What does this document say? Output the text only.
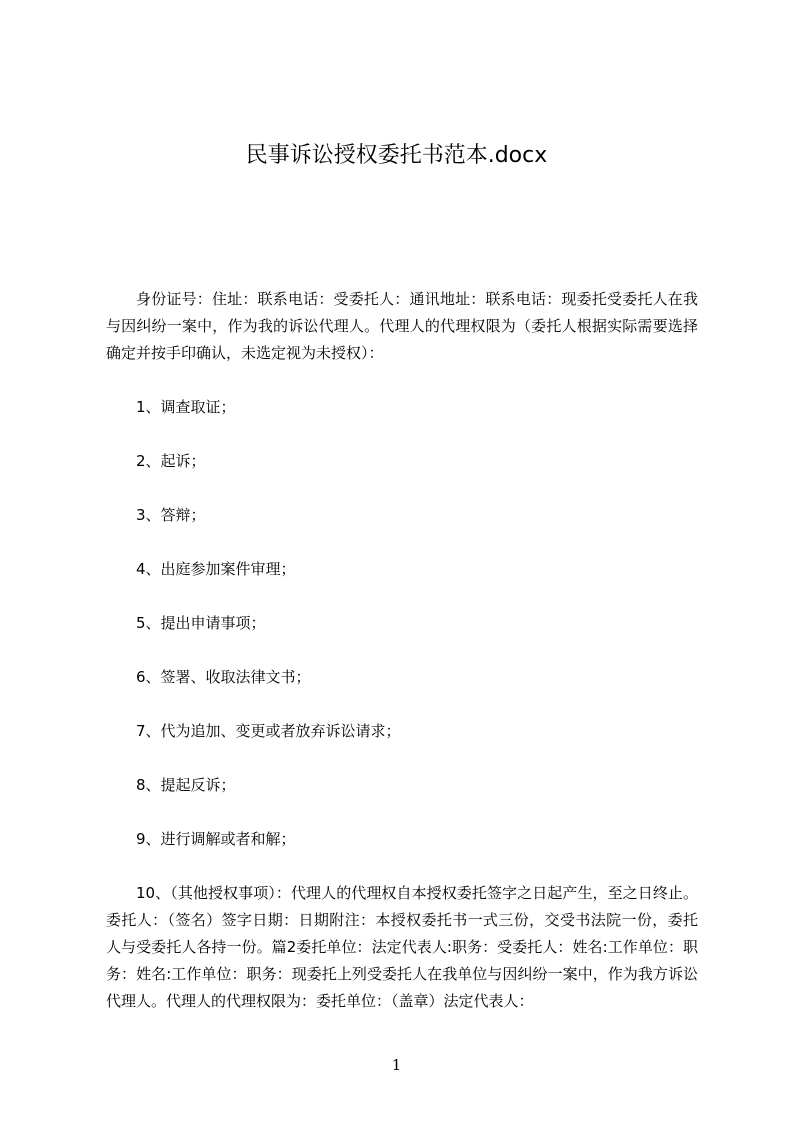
民事诉讼授权委托书范本.docx

身份证号：住址：联系电话：受委托人：通讯地址：联系电话：现委托受委托人在我与因纠纷一案中，作为我的诉讼代理人。代理人的代理权限为（委托人根据实际需要选择确定并按手印确认，未选定视为未授权）：

1、调查取证；

2、起诉；

3、答辩；

4、出庭参加案件审理；

5、提出申请事项；

6、签署、收取法律文书；

7、代为追加、变更或者放弃诉讼请求；

8、提起反诉；

9、进行调解或者和解；

10、（其他授权事项）：代理人的代理权自本授权委托签字之日起产生，至之日终止。委托人：（签名）签字日期：日期附注：本授权委托书一式三份，交受书法院一份，委托人与受委托人各持一份。篇2委托单位：法定代表人:职务：受委托人：姓名:工作单位：职务：姓名:工作单位：职务：现委托上列受委托人在我单位与因纠纷一案中，作为我方诉讼代理人。代理人的代理权限为：委托单位：（盖章）法定代表人：

1
